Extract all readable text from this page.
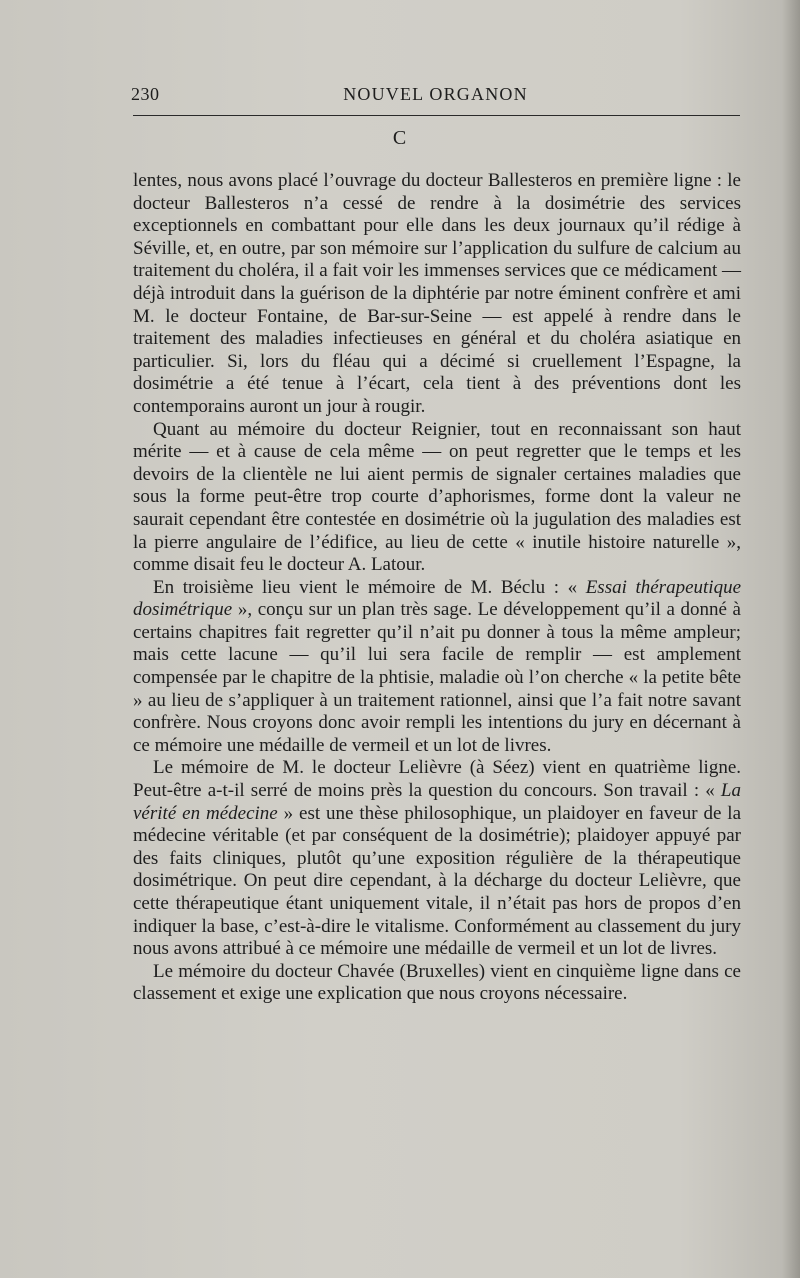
230	NOUVEL ORGANON
C

lentes, nous avons placé l’ouvrage du docteur Ballesteros en première ligne : le docteur Ballesteros n’a cessé de rendre à la dosimétrie des services exceptionnels en combattant pour elle dans les deux journaux qu’il rédige à Séville, et, en outre, par son mémoire sur l’application du sulfure de calcium au traitement du choléra, il a fait voir les immenses services que ce médicament — déjà introduit dans la guérison de la diphtérie par notre éminent confrère et ami M. le docteur Fontaine, de Bar-sur-Seine — est appelé à rendre dans le traitement des maladies infectieuses en général et du choléra asiatique en particulier. Si, lors du fléau qui a décimé si cruellement l’Espagne, la dosimétrie a été tenue à l’écart, cela tient à des préventions dont les contemporains auront un jour à rougir.

Quant au mémoire du docteur Reignier, tout en reconnaissant son haut mérite — et à cause de cela même — on peut regretter que le temps et les devoirs de la clientèle ne lui aient permis de signaler certaines maladies que sous la forme peut-être trop courte d’aphorismes, forme dont la valeur ne saurait cependant être contestée en dosimétrie où la jugulation des maladies est la pierre angulaire de l’édifice, au lieu de cette « inutile histoire naturelle », comme disait feu le docteur A. Latour.

En troisième lieu vient le mémoire de M. Béclu : « Essai thérapeutique dosimétrique », conçu sur un plan très sage. Le développement qu’il a donné à certains chapitres fait regretter qu’il n’ait pu donner à tous la même ampleur; mais cette lacune — qu’il lui sera facile de remplir — est amplement compensée par le chapitre de la phtisie, maladie où l’on cherche « la petite bête » au lieu de s’appliquer à un traitement rationnel, ainsi que l’a fait notre savant confrère. Nous croyons donc avoir rempli les intentions du jury en décernant à ce mémoire une médaille de vermeil et un lot de livres.

Le mémoire de M. le docteur Lelièvre (à Séez) vient en quatrième ligne. Peut-être a-t-il serré de moins près la question du concours. Son travail : « La vérité en médecine » est une thèse philosophique, un plaidoyer en faveur de la médecine véritable (et par conséquent de la dosimétrie); plaidoyer appuyé par des faits cliniques, plutôt qu’une exposition régulière de la thérapeutique dosimétrique. On peut dire cependant, à la décharge du docteur Lelièvre, que cette thérapeutique étant uniquement vitale, il n’était pas hors de propos d’en indiquer la base, c’est-à-dire le vitalisme. Conformément au classement du jury nous avons attribué à ce mémoire une médaille de vermeil et un lot de livres.

Le mémoire du docteur Chavée (Bruxelles) vient en cinquième ligne dans ce classement et exige une explication que nous croyons nécessaire.
